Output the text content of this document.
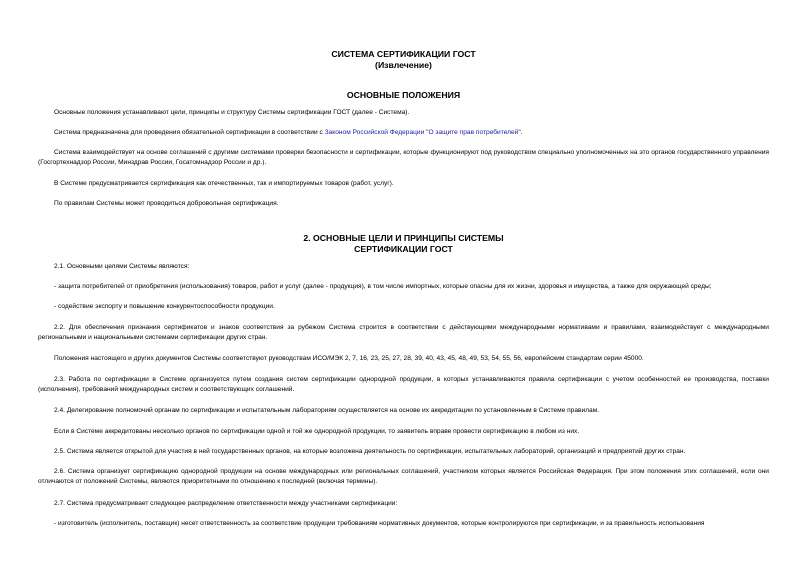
СИСТЕМА СЕРТИФИКАЦИИ ГОСТ
(Извлечение)
ОСНОВНЫЕ ПОЛОЖЕНИЯ

Основные положения устанавливают цели, принципы и структуру Системы сертификации ГОСТ (далее - Система).

Система предназначена для проведения обязательной сертификации в соответствии с Законом Российской Федерации "О защите прав потребителей".

Система взаимодействует на основе соглашений с другими системами проверки безопасности и сертификации, которые функционируют под руководством специально уполномоченных на это органов государственного управления (Госгортехнадзор России, Минздрав России, Госатомнадзор России и др.).

В Системе предусматривается сертификация как отечественных, так и импортируемых товаров (работ, услуг).

По правилам Системы может проводиться добровольная сертификация.

2. ОСНОВНЫЕ ЦЕЛИ И ПРИНЦИПЫ СИСТЕМЫ
СЕРТИФИКАЦИИ ГОСТ

2.1. Основными целями Системы являются:

- защита потребителей от приобретения (использования) товаров, работ и услуг (далее - продукция), в том числе импортных, которые опасны для их жизни, здоровья и имущества, а также для окружающей среды;

- содействие экспорту и повышение конкурентоспособности продукции.

2.2. Для обеспечения признания сертификатов и знаков соответствия за рубежом Система строится в соответствии с действующими международными нормативами и правилами, взаимодействует с международными региональными и национальными системами сертификации других стран.

Положения настоящего и других документов Системы соответствуют руководствам ИСО/МЭК 2, 7, 16, 23, 25, 27, 28, 39, 40, 43, 45, 48, 49, 53, 54, 55, 56, европейским стандартам серии 45000.

2.3. Работа по сертификации в Системе организуется путем создания систем сертификации однородной продукции, в которых устанавливаются правила сертификации с учетом особенностей ее производства, поставки (исполнения), требований международных систем и соответствующих соглашений.

2.4. Делегирование полномочий органам по сертификации и испытательным лабораториям осуществляется на основе их аккредитации по установленным в Системе правилам.

Если в Системе аккредитованы несколько органов по сертификации одной и той же однородной продукции, то заявитель вправе провести сертификацию в любом из них.

2.5. Система является открытой для участия в ней государственных органов, на которые возложена деятельность по сертификации, испытательных лабораторий, организаций и предприятий других стран.

2.6. Система организует сертификацию однородной продукции на основе международных или региональных соглашений, участником которых является Российская Федерация. При этом положения этих соглашений, если они отличаются от положений Системы, являются приоритетными по отношению к последней (включая термины).

2.7. Система предусматривает следующее распределение ответственности между участниками сертификации:

- изготовитель (исполнитель, поставщик) несет ответственность за соответствие продукции требованиям нормативных документов, которые контролируются при сертификации, и за правильность использования
